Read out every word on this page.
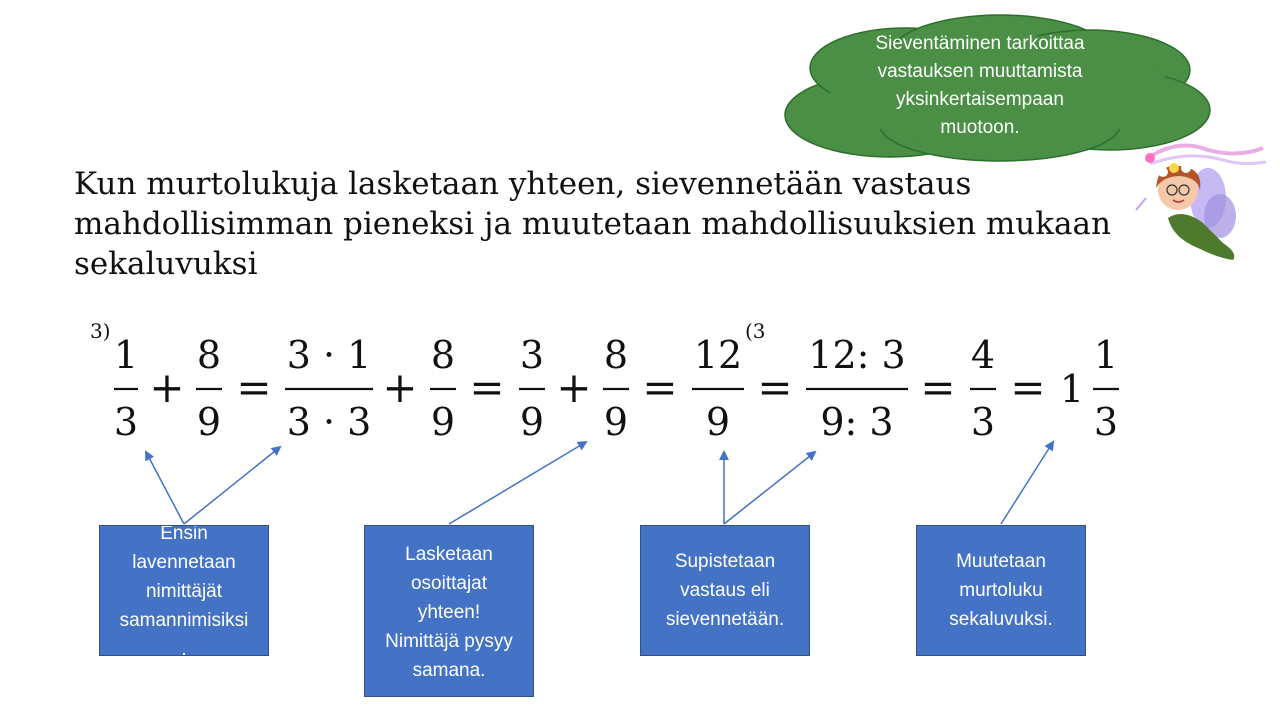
Sieventäminen tarkoittaa
vastauksen muuttamista
yksinkertaisempaan
muotoon.
Kun murtolukuja lasketaan yhteen, sievennetään vastaus
mahdollisimman pieneksi ja muutetaan mahdollisuuksien mukaan
sekaluvuksi
3)	(3
1
3
+
8
9
=
3 · 1
3 · 3
+
8
9
=
3
9
+
8
9
=
12
9
=
12: 3
9: 3
=
4
3
= 1
1
3
Ensin
lavennetaan
nimittäjät
samannimisiksi
.
Lasketaan
osoittajat
yhteen!
Nimittäjä pysyy
samana.
Supistetaan
vastaus eli
sievennetään.
Muutetaan
murtoluku
sekaluvuksi.
